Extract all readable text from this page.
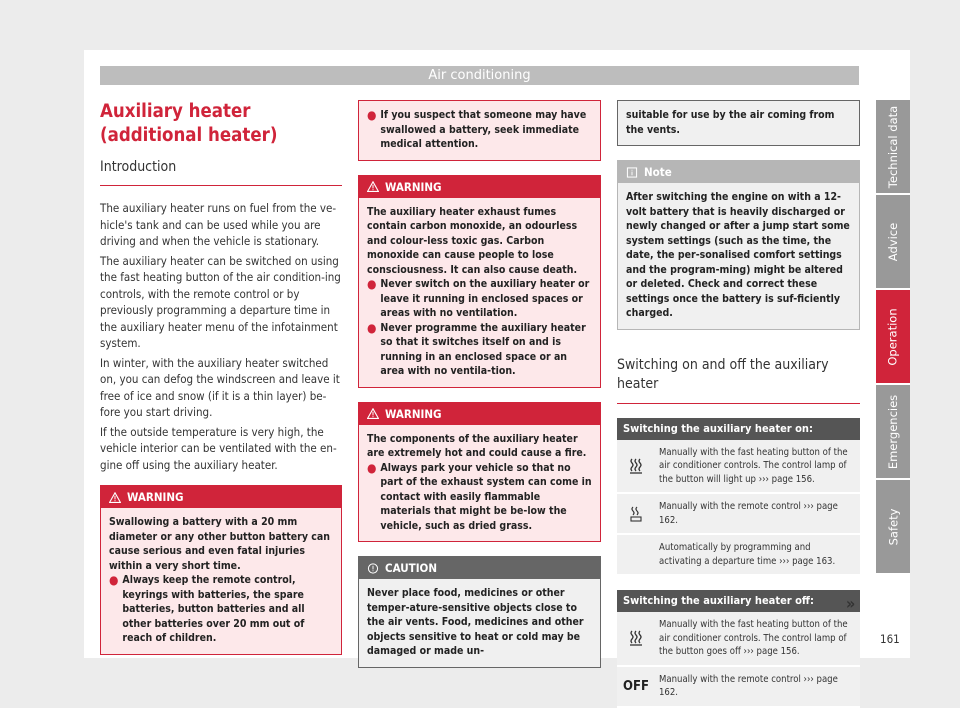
Air conditioning
Auxiliary heater (additional heater)
Introduction

The auxiliary heater runs on fuel from the ve-hicle's tank and can be used while you are driving and when the vehicle is stationary.

The auxiliary heater can be switched on using the fast heating button of the air condition-ing controls, with the remote control or by previously programming a departure time in the auxiliary heater menu of the infotainment system.

In winter, with the auxiliary heater switched on, you can defog the windscreen and leave it free of ice and snow (if it is a thin layer) be-fore you start driving.

If the outside temperature is very high, the vehicle interior can be ventilated with the en-gine off using the auxiliary heater.

WARNING
Swallowing a battery with a 20 mm diameter or any other button battery can cause serious and even fatal injuries within a very short time.
● Always keep the remote control, keyrings with batteries, the spare batteries, button batteries and all other batteries over 20 mm out of reach of children.
● If you suspect that someone may have swallowed a battery, seek immediate medical attention.
WARNING
The auxiliary heater exhaust fumes contain carbon monoxide, an odourless and colour-less toxic gas. Carbon monoxide can cause people to lose consciousness. It can also cause death.
● Never switch on the auxiliary heater or leave it running in enclosed spaces or areas with no ventilation.
● Never programme the auxiliary heater so that it switches itself on and is running in an enclosed space or an area with no ventila-tion.
WARNING
The components of the auxiliary heater are extremely hot and could cause a fire.
● Always park your vehicle so that no part of the exhaust system can come in contact with easily flammable materials that might be be-low the vehicle, such as dried grass.
CAUTION
Never place food, medicines or other temper-ature-sensitive objects close to the air vents. Food, medicines and other objects sensitive to heat or cold may be damaged or made un-
suitable for use by the air coming from the vents.
Note
After switching the engine on with a 12-volt battery that is heavily discharged or newly changed or after a jump start some system settings (such as the time, the date, the per-sonalised comfort settings and the program-ming) might be altered or deleted. Check and correct these settings once the battery is suf-ficiently charged.
Switching on and off the auxiliary heater
Switching the auxiliary heater on:
Manually with the fast heating button of the air conditioner controls. The control lamp of the button will light up ››› page 156.
Manually with the remote control ››› page 162.
Automatically by programming and activating a departure time ››› page 163.
Switching the auxiliary heater off:
Manually with the fast heating button of the air conditioner controls. The control lamp of the button goes off ››› page 156.
OFF	Manually with the remote control ››› page 162.
»
Technical data
Advice
Operation
Emergencies
Safety
161
